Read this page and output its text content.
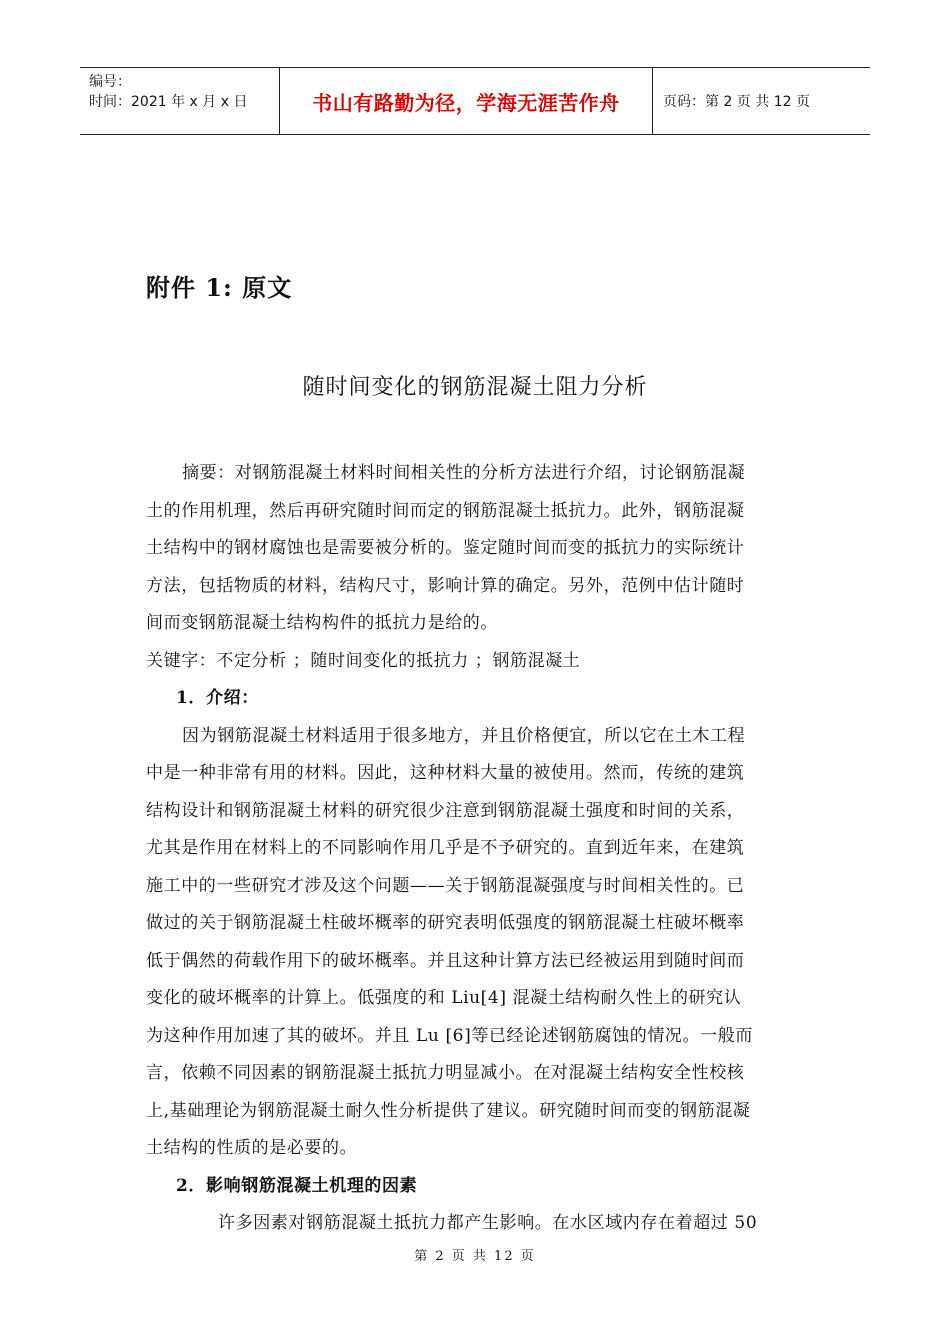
编号：
时间：2021 年 x 月 x 日	书山有路勤为径，学海无涯苦作舟	页码：第 2 页 共 12 页
附件 1: 原文
随时间变化的钢筋混凝土阻力分析
摘要：对钢筋混凝土材料时间相关性的分析方法进行介绍，讨论钢筋混凝
土的作用机理，然后再研究随时间而定的钢筋混凝土抵抗力。此外，钢筋混凝
土结构中的钢材腐蚀也是需要被分析的。鉴定随时间而变的抵抗力的实际统计
方法，包括物质的材料，结构尺寸，影响计算的确定。另外，范例中估计随时
间而变钢筋混凝土结构构件的抵抗力是给的。
关键字：不定分析 ；随时间变化的抵抗力 ；钢筋混凝土
1．介绍：
因为钢筋混凝土材料适用于很多地方，并且价格便宜，所以它在土木工程
中是一种非常有用的材料。因此，这种材料大量的被使用。然而，传统的建筑
结构设计和钢筋混凝土材料的研究很少注意到钢筋混凝土强度和时间的关系，
尤其是作用在材料上的不同影响作用几乎是不予研究的。直到近年来，在建筑
施工中的一些研究才涉及这个问题——关于钢筋混凝强度与时间相关性的。已
做过的关于钢筋混凝土柱破坏概率的研究表明低强度的钢筋混凝土柱破坏概率
低于偶然的荷载作用下的破坏概率。并且这种计算方法已经被运用到随时间而
变化的破坏概率的计算上。低强度的和 Liu[4] 混凝土结构耐久性上的研究认
为这种作用加速了其的破坏。并且 Lu [6]等已经论述钢筋腐蚀的情况。一般而
言，依赖不同因素的钢筋混凝土抵抗力明显减小。在对混凝土结构安全性校核
上,基础理论为钢筋混凝土耐久性分析提供了建议。研究随时间而变的钢筋混凝
土结构的性质的是必要的。
2．影响钢筋混凝土机理的因素
许多因素对钢筋混凝土抵抗力都产生影响。在水区域内存在着超过 50
第 2 页 共 12 页
